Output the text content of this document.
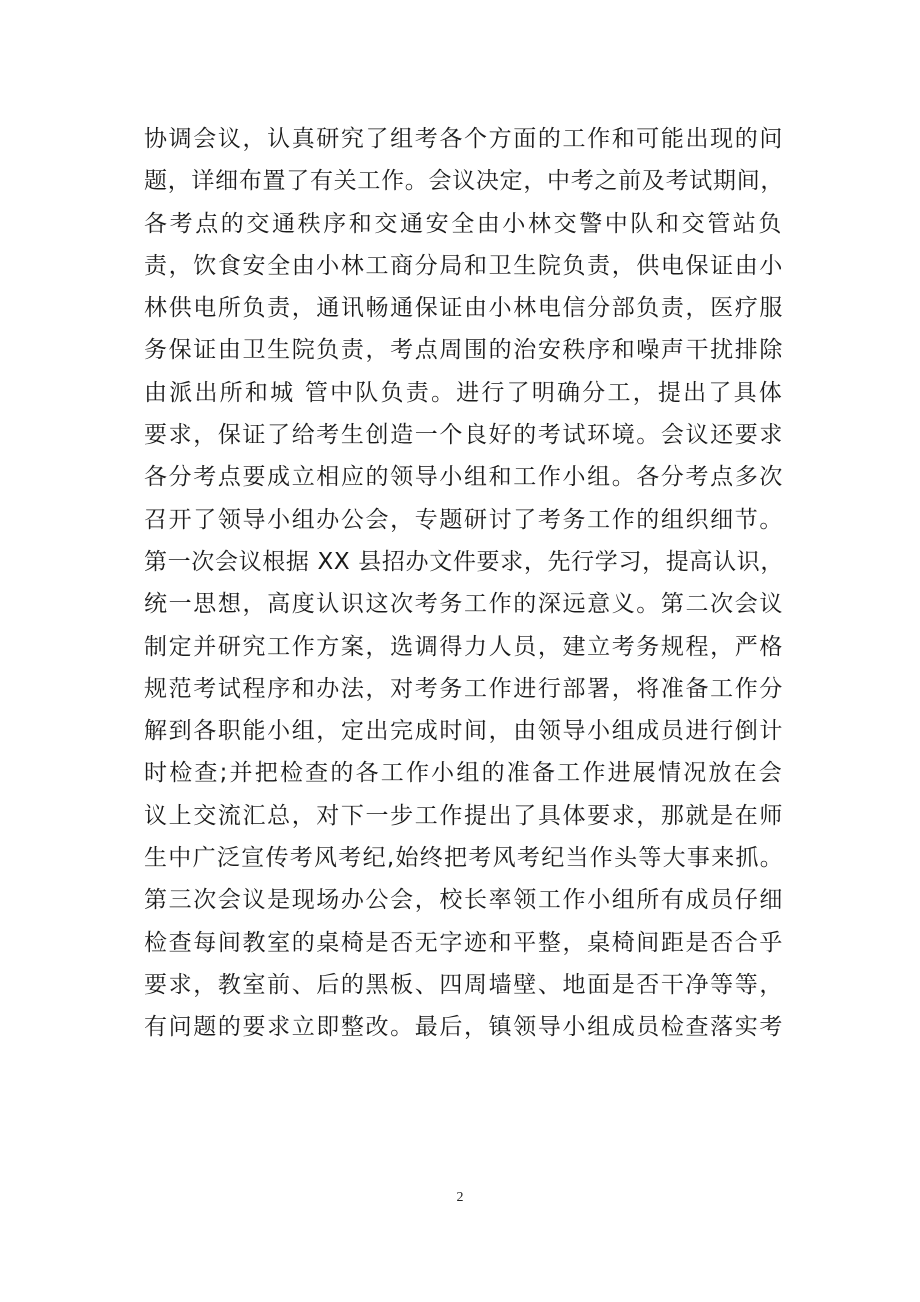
协调会议，认真研究了组考各个方面的工作和可能出现的问
题，详细布置了有关工作。会议决定，中考之前及考试期间，
各考点的交通秩序和交通安全由小林交警中队和交管站负
责，饮食安全由小林工商分局和卫生院负责，供电保证由小
林供电所负责，通讯畅通保证由小林电信分部负责，医疗服
务保证由卫生院负责，考点周围的治安秩序和噪声干扰排除
由派出所和城 管中队负责。进行了明确分工，提出了具体
要求，保证了给考生创造一个良好的考试环境。会议还要求
各分考点要成立相应的领导小组和工作小组。各分考点多次
召开了领导小组办公会，专题研讨了考务工作的组织细节。
第一次会议根据 XX 县招办文件要求，先行学习，提高认识，
统一思想，高度认识这次考务工作的深远意义。第二次会议
制定并研究工作方案，选调得力人员，建立考务规程，严格
规范考试程序和办法，对考务工作进行部署，将准备工作分
解到各职能小组，定出完成时间，由领导小组成员进行倒计
时检查;并把检查的各工作小组的准备工作进展情况放在会
议上交流汇总，对下一步工作提出了具体要求，那就是在师
生中广泛宣传考风考纪,始终把考风考纪当作头等大事来抓。
第三次会议是现场办公会，校长率领工作小组所有成员仔细
检查每间教室的桌椅是否无字迹和平整，桌椅间距是否合乎
要求，教室前、后的黑板、四周墙壁、地面是否干净等等，
有问题的要求立即整改。最后，镇领导小组成员检查落实考
2
